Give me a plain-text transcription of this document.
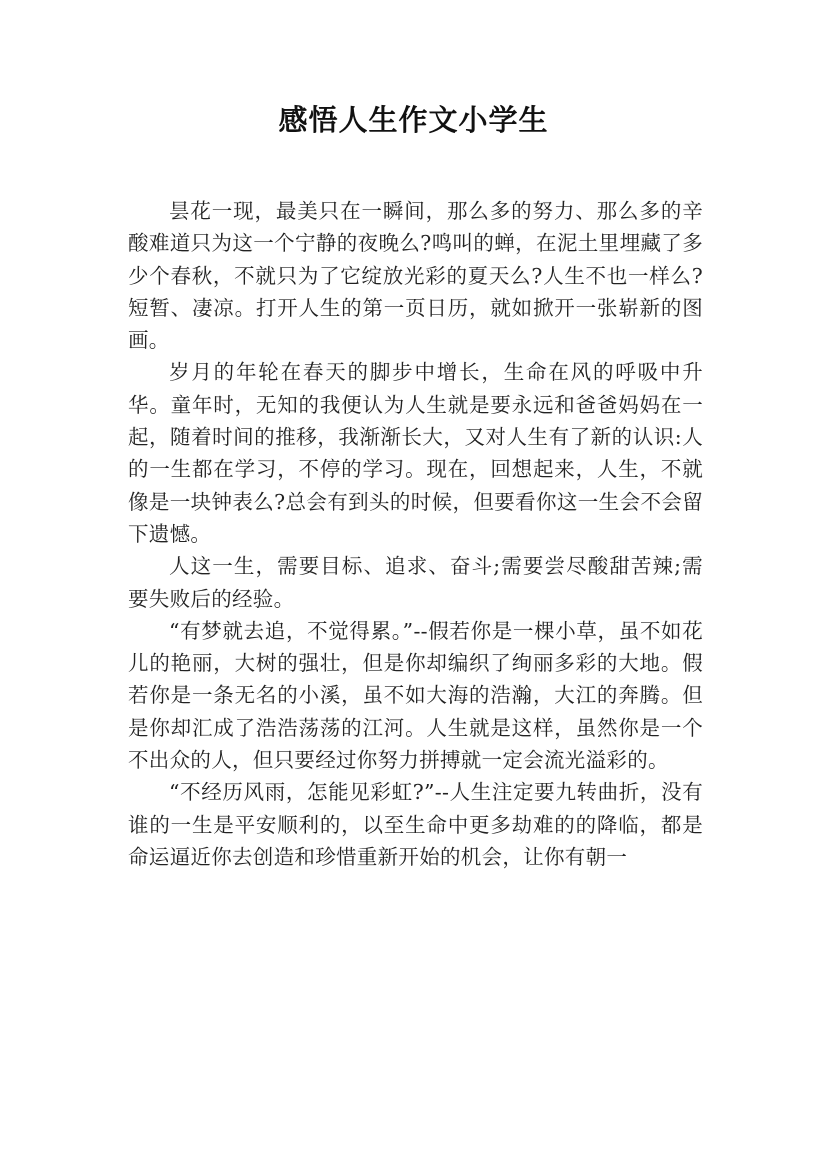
感悟人生作文小学生

昙花一现，最美只在一瞬间，那么多的努力、那么多的辛酸难道只为这一个宁静的夜晚么?鸣叫的蝉，在泥土里埋藏了多少个春秋，不就只为了它绽放光彩的夏天么?人生不也一样么?短暂、凄凉。打开人生的第一页日历，就如掀开一张崭新的图画。

岁月的年轮在春天的脚步中增长，生命在风的呼吸中升华。童年时，无知的我便认为人生就是要永远和爸爸妈妈在一起，随着时间的推移，我渐渐长大，又对人生有了新的认识:人的一生都在学习，不停的学习。现在，回想起来，人生，不就像是一块钟表么?总会有到头的时候，但要看你这一生会不会留下遗憾。

人这一生，需要目标、追求、奋斗;需要尝尽酸甜苦辣;需要失败后的经验。

“有梦就去追，不觉得累。”--假若你是一棵小草，虽不如花儿的艳丽，大树的强壮，但是你却编织了绚丽多彩的大地。假若你是一条无名的小溪，虽不如大海的浩瀚，大江的奔腾。但是你却汇成了浩浩荡荡的江河。人生就是这样，虽然你是一个不出众的人，但只要经过你努力拼搏就一定会流光溢彩的。

“不经历风雨，怎能见彩虹?”--人生注定要九转曲折，没有谁的一生是平安顺利的，以至生命中更多劫难的的降临，都是命运逼近你去创造和珍惜重新开始的机会，让你有朝一
